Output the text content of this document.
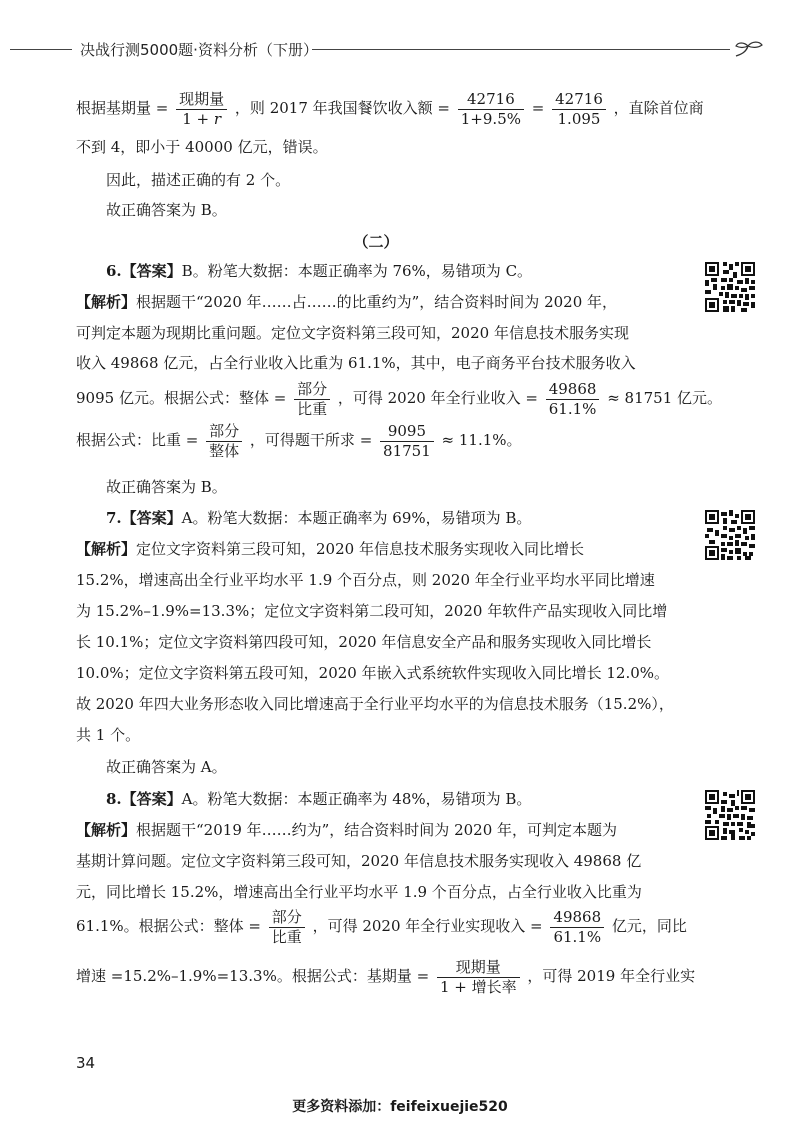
决战行测5000题·资料分析（下册）

根据基期量 = $\frac{\text{现期量}}{1 + r}$ ，则 2017 年我国餐饮收入额 = $\frac{42716}{1+9.5\%} = \frac{42716}{1.095}$ ，直除首位商

不到 4，即小于 40000 亿元，错误。

因此，描述正确的有 2 个。

故正确答案为 B。

（二）

6.【答案】B。粉笔大数据：本题正确率为 76%，易错项为 C。

【解析】根据题干“2020 年……占……的比重约为”，结合资料时间为 2020 年，

可判定本题为现期比重问题。定位文字资料第三段可知，2020 年信息技术服务实现

收入 49868 亿元，占全行业收入比重为 61.1%，其中，电子商务平台技术服务收入

9095 亿元。根据公式：整体 = $\frac{\text{部分}}{\text{比重}}$ ，可得 2020 年全行业收入 = $\frac{49868}{61.1\%} \approx 81751$ 亿元。

根据公式：比重 = $\frac{\text{部分}}{\text{整体}}$ ，可得题干所求 = $\frac{9095}{81751} \approx 11.1\%$。

故正确答案为 B。

7.【答案】A。粉笔大数据：本题正确率为 69%，易错项为 B。

【解析】定位文字资料第三段可知，2020 年信息技术服务实现收入同比增长

15.2%，增速高出全行业平均水平 1.9 个百分点，则 2020 年全行业平均水平同比增速

为 15.2%–1.9%=13.3%；定位文字资料第二段可知，2020 年软件产品实现收入同比增

长 10.1%；定位文字资料第四段可知，2020 年信息安全产品和服务实现收入同比增长

10.0%；定位文字资料第五段可知，2020 年嵌入式系统软件实现收入同比增长 12.0%。

故 2020 年四大业务形态收入同比增速高于全行业平均水平的为信息技术服务（15.2%），

共 1 个。

故正确答案为 A。

8.【答案】A。粉笔大数据：本题正确率为 48%，易错项为 B。

【解析】根据题干“2019 年……约为”，结合资料时间为 2020 年，可判定本题为

基期计算问题。定位文字资料第三段可知，2020 年信息技术服务实现收入 49868 亿

元，同比增长 15.2%，增速高出全行业平均水平 1.9 个百分点，占全行业收入比重为

61.1%。根据公式：整体 = $\frac{\text{部分}}{\text{比重}}$ ，可得 2020 年全行业实现收入 = $\frac{49868}{61.1\%}$ 亿元，同比

增速 =15.2%–1.9%=13.3%。根据公式：基期量 = $\frac{\text{现期量}}{\text{1 + 增长率}}$ ，可得 2019 年全行业实

34
更多资料添加：feifeixuejie520
